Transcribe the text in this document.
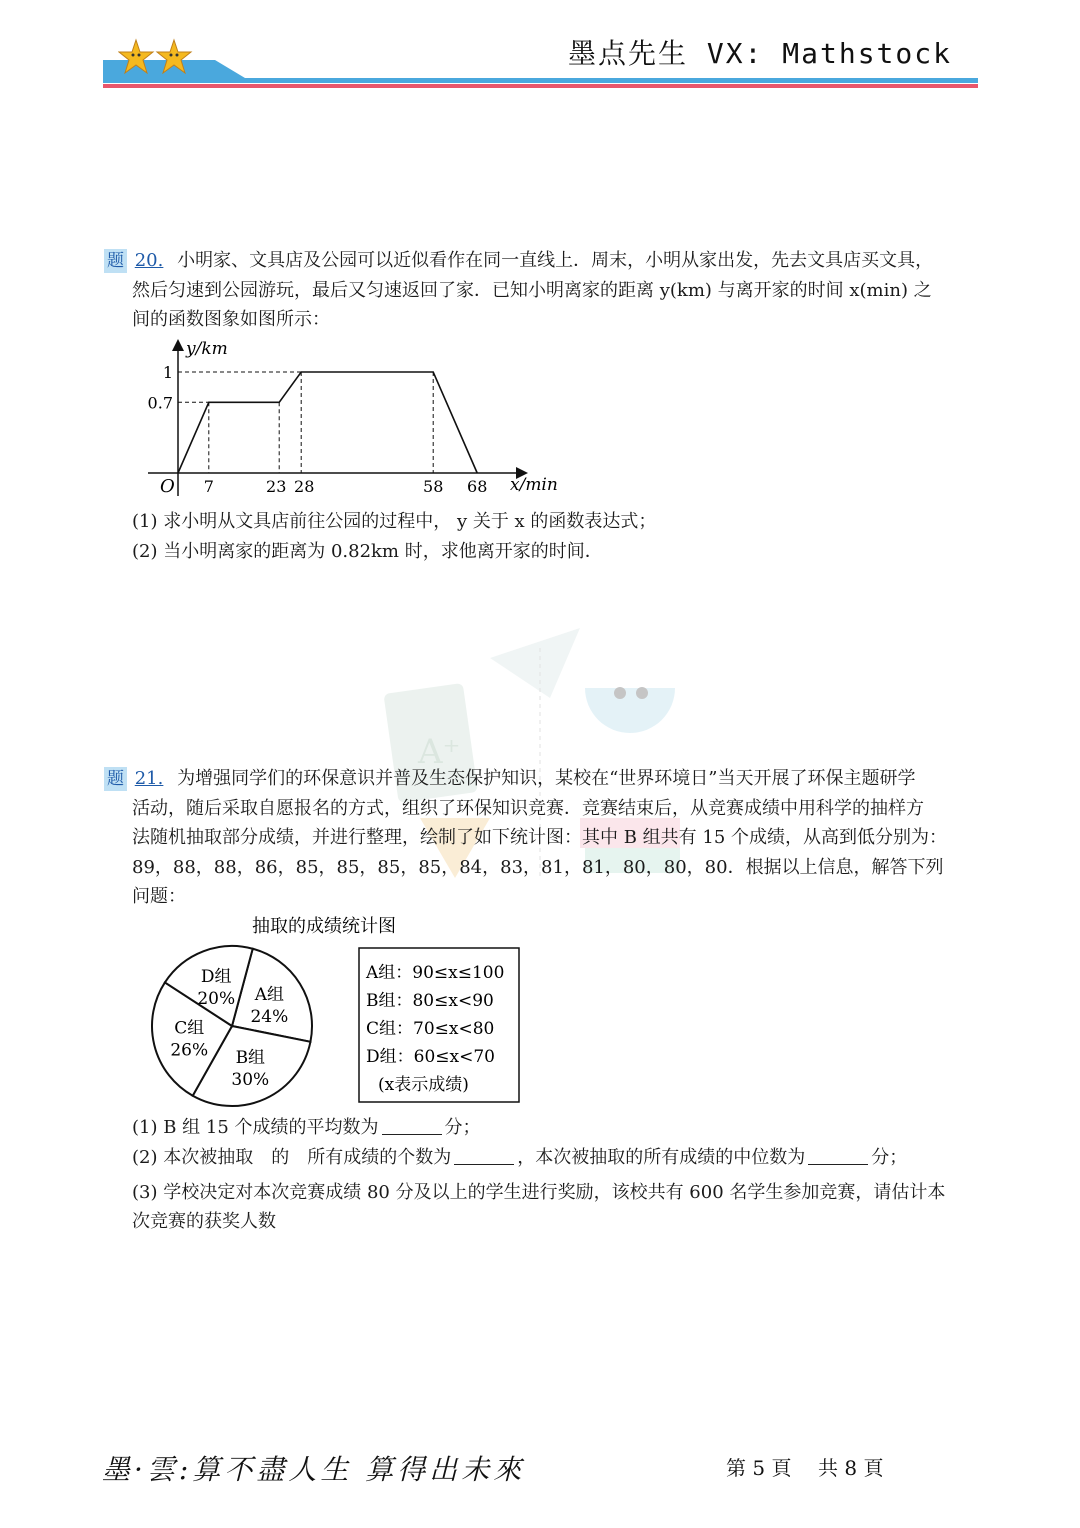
墨点先生 VX: Mathstock
题 20. 小明家、文具店及公园可以近似看作在同一直线上．周末，小明从家出发，先去文具店买文具，
然后匀速到公园游玩，最后又匀速返回了家．已知小明离家的距离 y(km) 与离开家的时间 x(min) 之
间的函数图象如图所示：
y/km
x/min
O
1
0.7
7	23 28	58 68
(1) 求小明从文具店前往公园的过程中， y 关于 x 的函数表达式；
(2) 当小明离家的距离为 0.82km 时，求他离开家的时间．
A⁺
题 21. 为增强同学们的环保意识并普及生态保护知识，某校在“世界环境日”当天开展了环保主题研学
活动，随后采取自愿报名的方式，组织了环保知识竞赛．竞赛结束后，从竞赛成绩中用科学的抽样方
法随机抽取部分成绩，并进行整理，绘制了如下统计图：其中 B 组共有 15 个成绩，从高到低分别为：
89，88，88，86，85，85，85，85，84，83，81，81，80，80，80．根据以上信息，解答下列
问题：
抽取的成绩统计图
A组
24%
B组
30%
C组
26%
D组
20%
A组：90≤x≤100
B组：80≤x<90
C组：70≤x<80
D组：60≤x<70
(x表示成绩)
(1) B 组 15 个成绩的平均数为	分；
(2) 本次被抽取　的　所有成绩的个数为	，本次被抽取的所有成绩的中位数为	分；
(3) 学校决定对本次竞赛成绩 80 分及以上的学生进行奖励，该校共有 600 名学生参加竞赛，请估计本
次竞赛的获奖人数
墨·雲:算不盡人生 算得出未來	第 5 頁 共 8 頁
